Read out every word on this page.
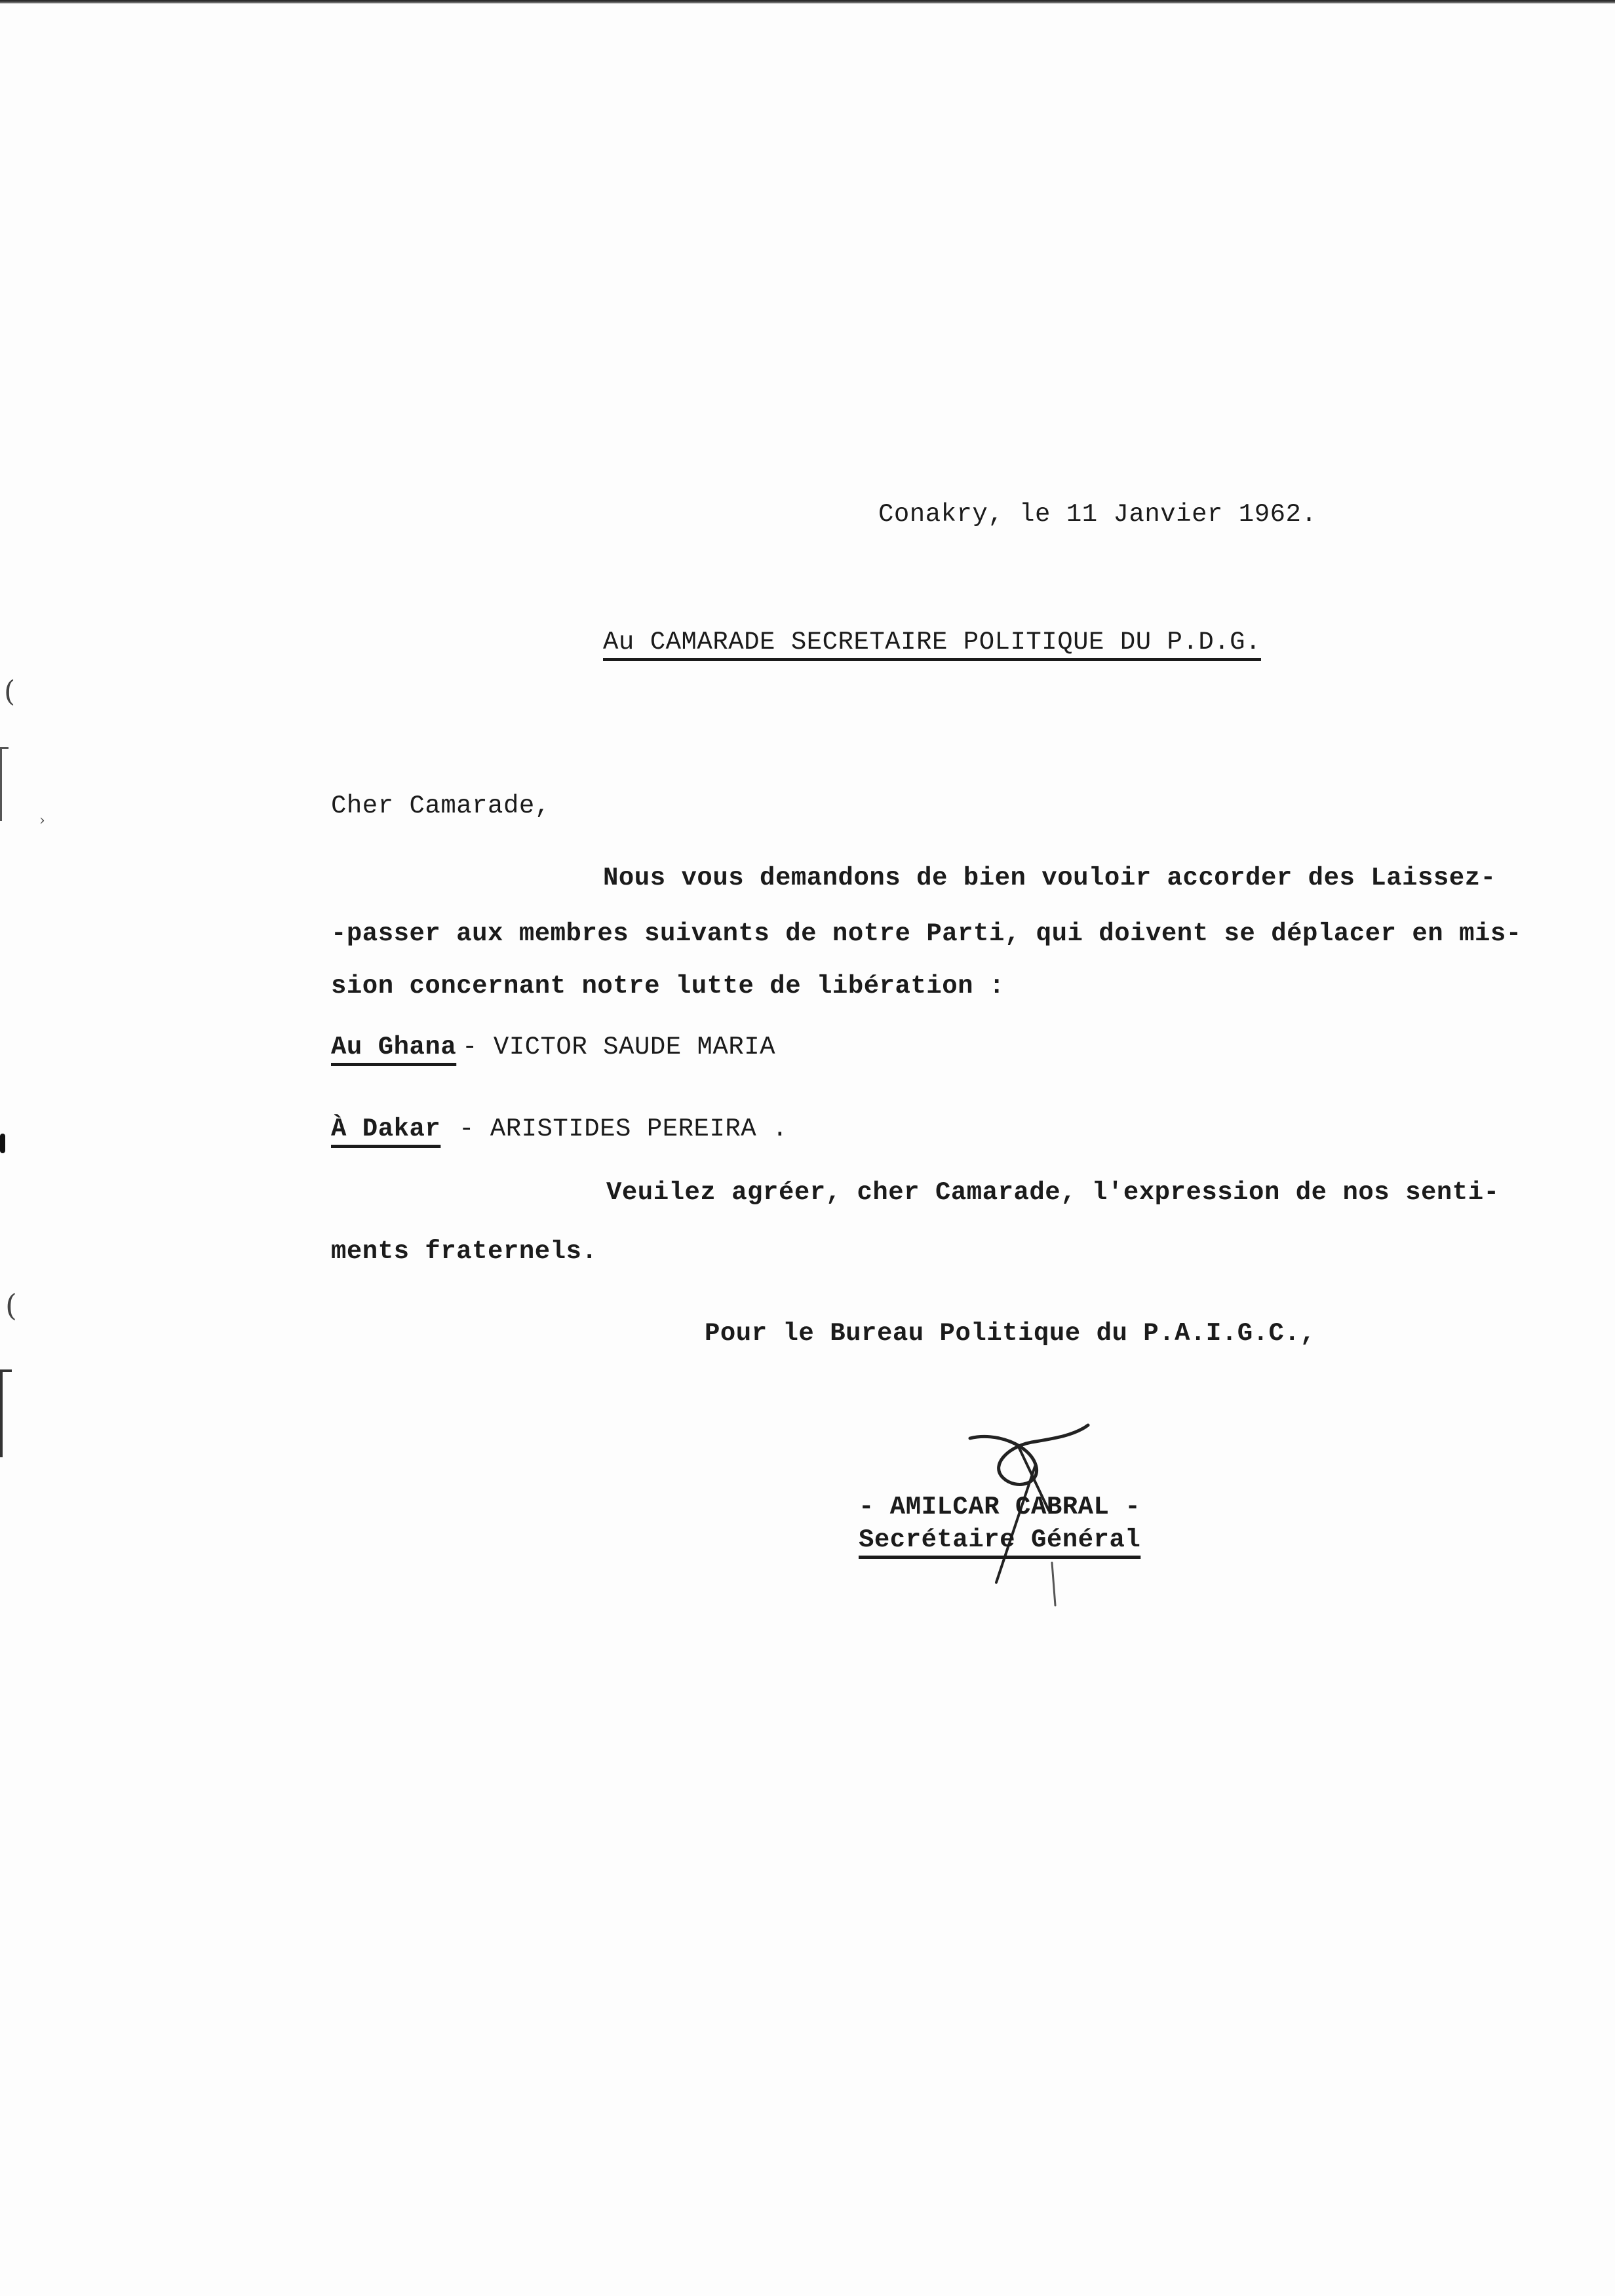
(
›
(
Conakry, le 11 Janvier 1962.
Au CAMARADE SECRETAIRE POLITIQUE DU P.D.G.
Cher Camarade,
Nous vous demandons de bien vouloir accorder des Laissez-
-passer aux membres suivants de notre Parti, qui doivent se déplacer en mis-
sion concernant notre lutte de libération :
Au Ghana - VICTOR SAUDE MARIA
À Dakar - ARISTIDES PEREIRA .
Veuilez agréer, cher Camarade, l'expression de nos senti-
ments fraternels.
Pour le Bureau Politique du P.A.I.G.C.,
- AMILCAR CABRAL -
Secrétaire Général
